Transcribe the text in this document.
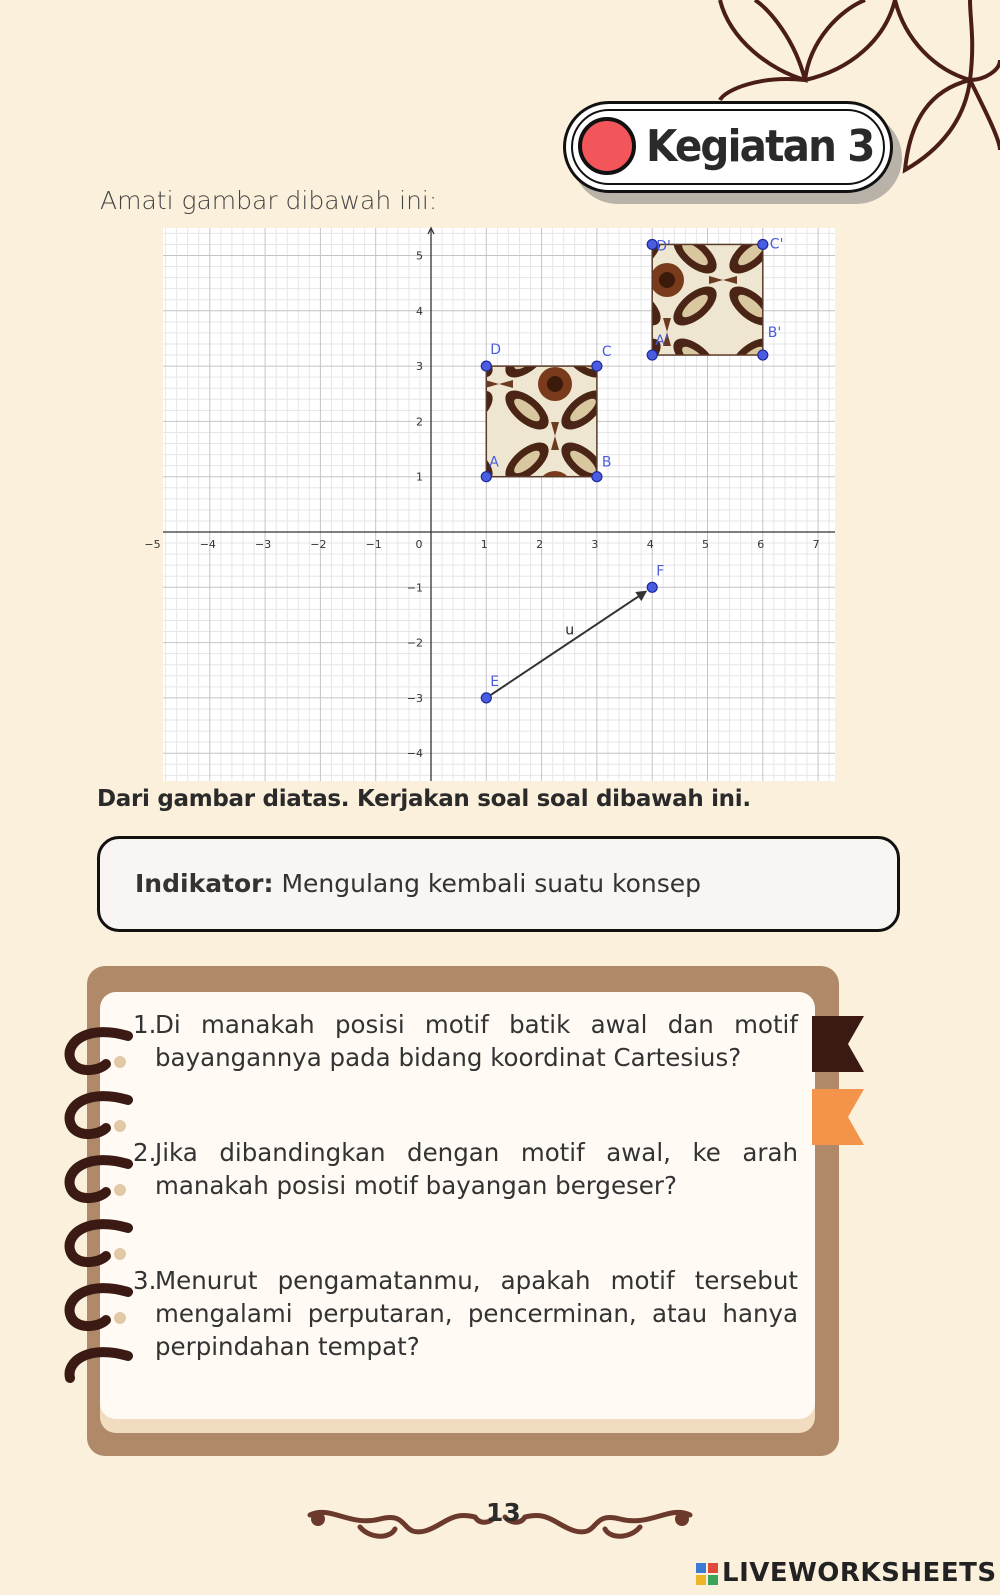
Kegiatan 3
Amati gambar dibawah ini:
−5	−4	−3	−2	−1	0	1	2	3	4	5	6	7
5
4
3
2
1
−1
−2
−3
−4
u
A	B
C
D
A'	B'
C'
D'
E
F
Dari gambar diatas. Kerjakan soal soal dibawah ini.
Indikator: Mengulang kembali suatu konsep
1.
Di manakah posisi motif batik awal dan motif bayangannya pada bidang koordinat Cartesius?
2.
Jika dibandingkan dengan motif awal, ke arah manakah posisi motif bayangan bergeser?
3.
Menurut pengamatanmu, apakah motif tersebut mengalami perputaran, pencerminan, atau hanya perpindahan tempat?
13
LIVEWORKSHEETS
